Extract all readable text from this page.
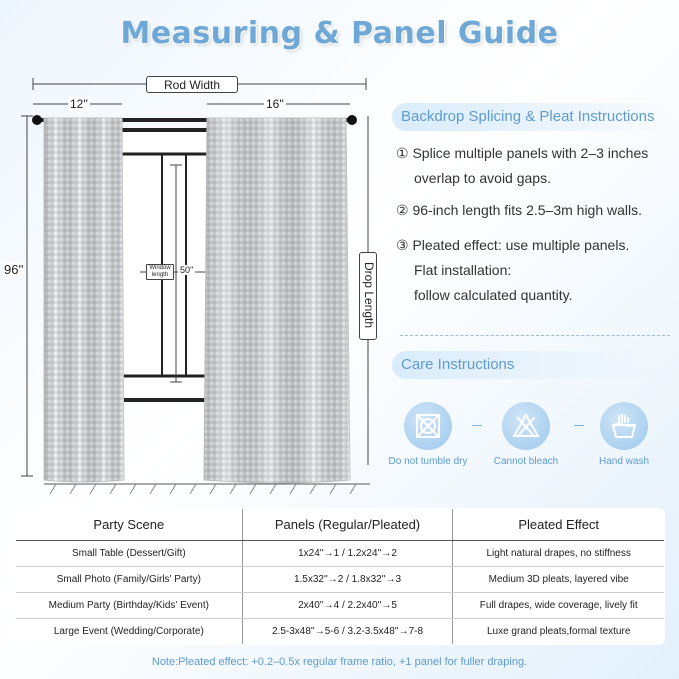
Measuring & Panel Guide
Rod Width
12''	16''
96''	Drop Length
Window length	50''
Backdrop Splicing & Pleat Instructions
① Splice multiple panels with 2–3 inches
overlap to avoid gaps.
② 96-inch length fits 2.5–3m high walls.
③ Pleated effect: use multiple panels.
Flat installation:
follow calculated quantity.
Care Instructions
Do not tumble dry	Cannot bleach	Hand wash
Party Scene	Panels (Regular/Pleated)	Pleated Effect
Small Table (Dessert/Gift)	1x24''→1 / 1.2x24''→2	Light natural drapes, no stiffness
Small Photo (Family/Girls' Party)	1.5x32''→2 / 1.8x32''→3	Medium 3D pleats, layered vibe
Medium Party (Birthday/Kids' Event)	2x40''→4 / 2.2x40''→5	Full drapes, wide coverage, lively fit
Large Event (Wedding/Corporate)	2.5-3x48''→5-6 / 3.2-3.5x48''→7-8	Luxe grand pleats,formal texture
Note:Pleated effect: +0.2–0.5x regular frame ratio, +1 panel for fuller draping.
